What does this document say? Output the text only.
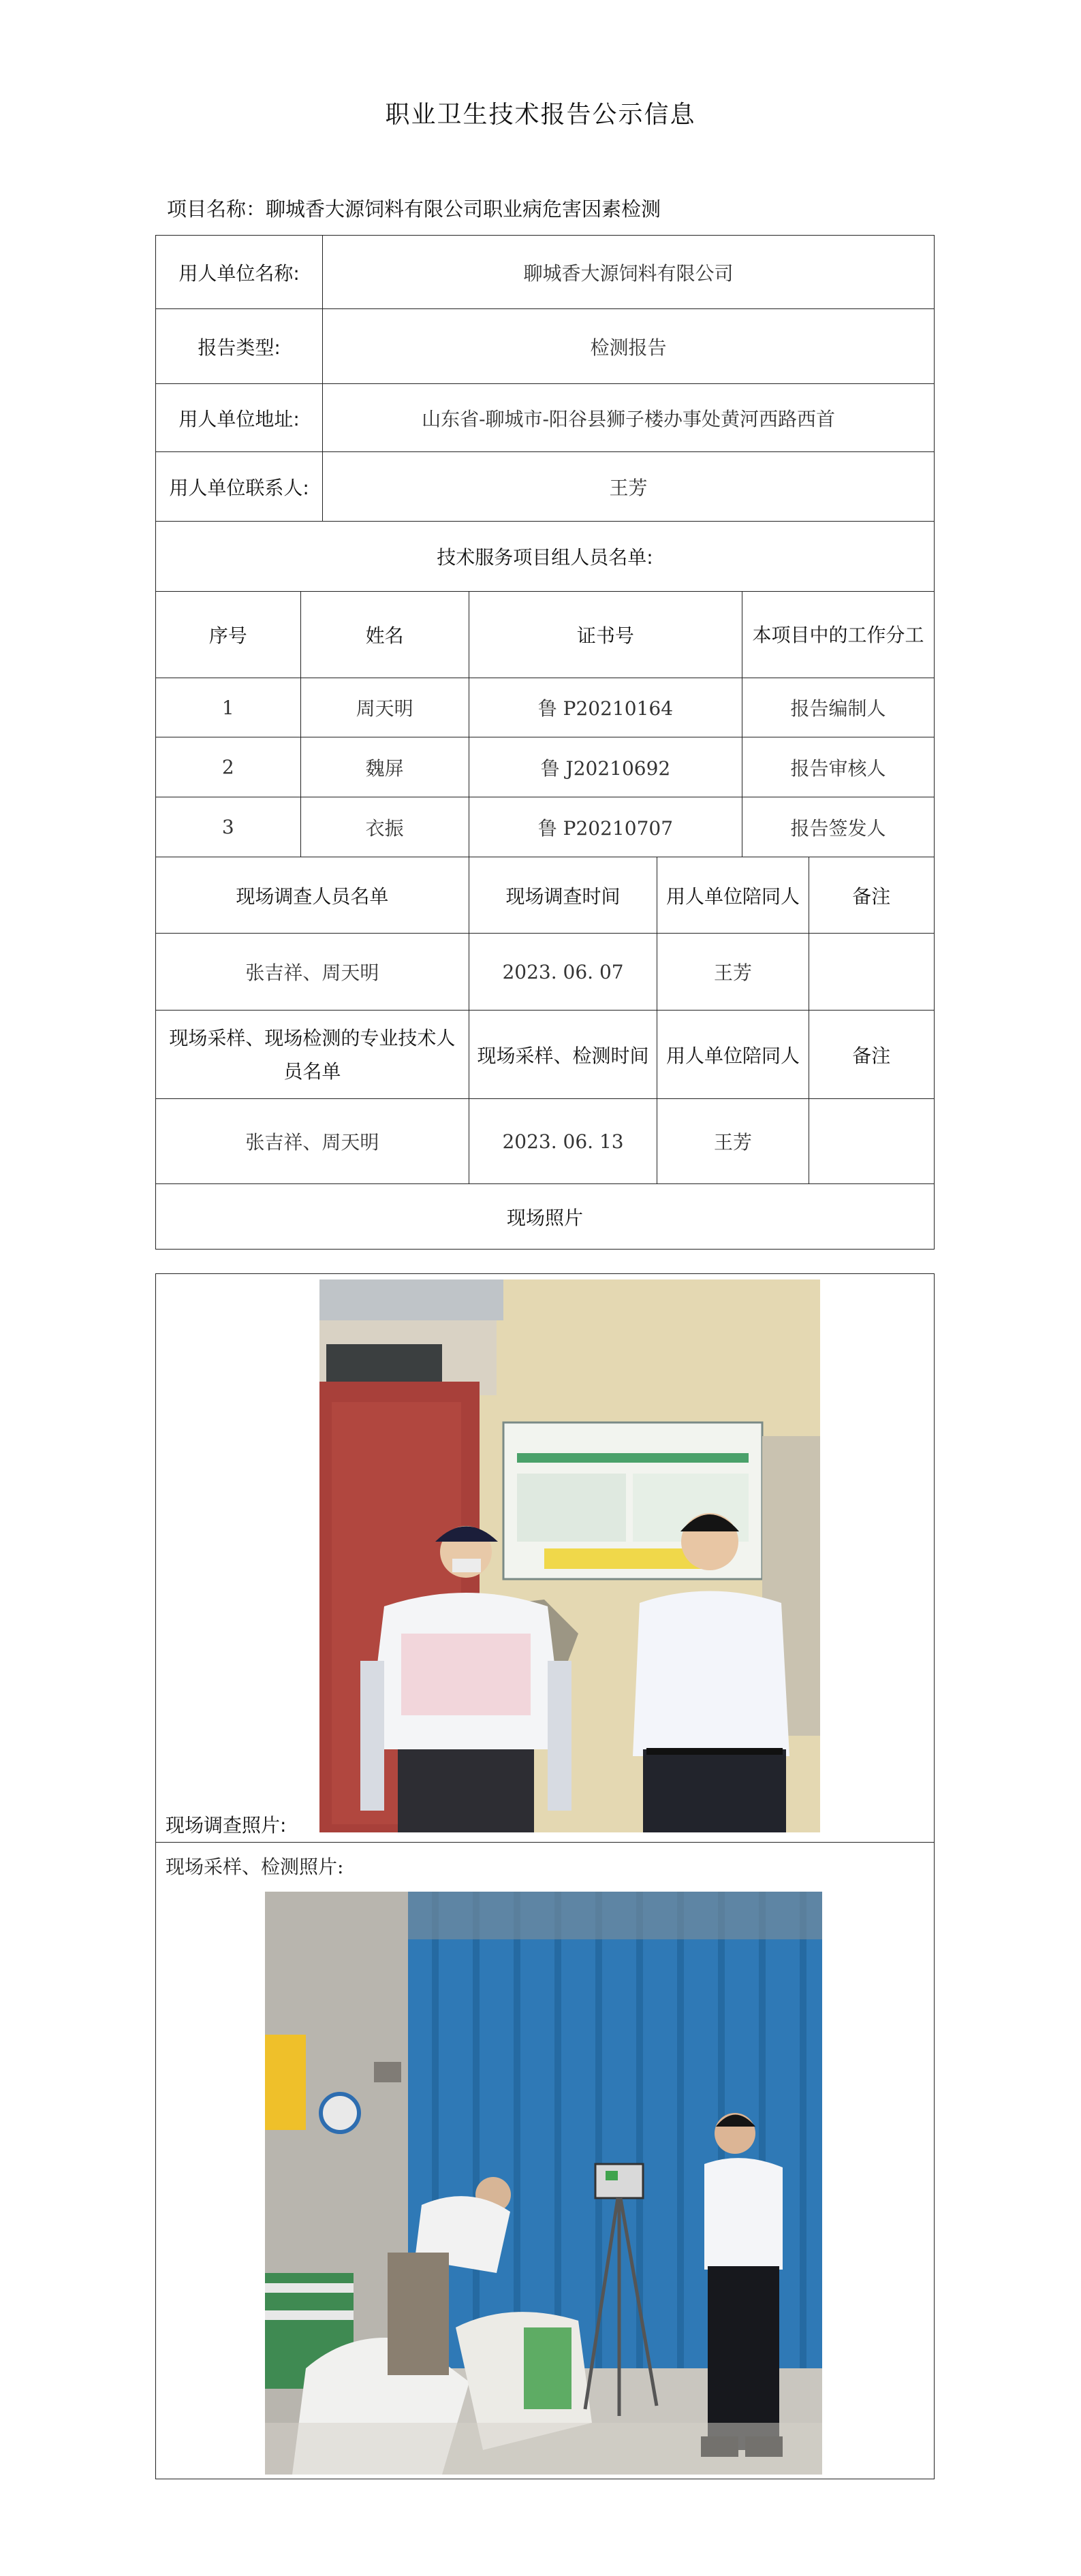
职业卫生技术报告公示信息
项目名称：聊城香大源饲料有限公司职业病危害因素检测
用人单位名称:		聊城香大源饲料有限公司				
报告类型:		检测报告				
用人单位地址:		山东省-聊城市-阳谷县狮子楼办事处黄河西路西首				
用人单位联系人:		王芳				
技术服务项目组人员名单:						
序号	姓名		证书号		本项目中的工作分工	
1	周天明		鲁 P20210164		报告编制人	
2	魏屏		鲁 J20210692		报告审核人	
3	衣振		鲁 P20210707		报告签发人	
现场调查人员名单			现场调查时间	用人单位陪同人		备注
张吉祥、周天明			2023. 06. 07	王芳		
现场采样、现场检测的专业技术人员名单			现场采样、检测时间	用人单位陪同人		备注
张吉祥、周天明			2023. 06. 13	王芳		
现场照片						
现场调查照片:
现场采样、检测照片:
